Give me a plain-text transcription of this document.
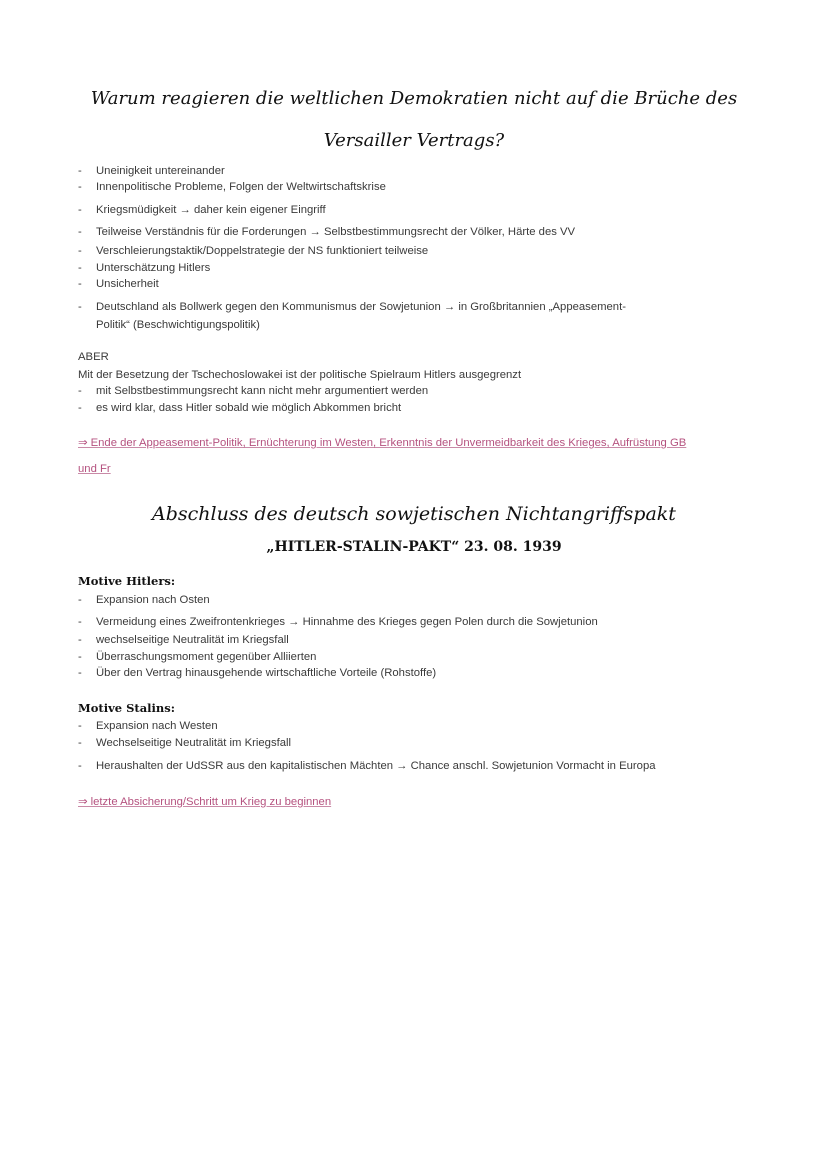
Warum reagieren die weltlichen Demokratien nicht auf die Brüche des
Versailler Vertrags?
- Uneinigkeit untereinander
- Innenpolitische Probleme, Folgen der Weltwirtschaftskrise
- Kriegsmüdigkeit → daher kein eigener Eingriff
- Teilweise Verständnis für die Forderungen → Selbstbestimmungsrecht der Völker, Härte des VV
- Verschleierungstaktik/Doppelstrategie der NS funktioniert teilweise
- Unterschätzung Hitlers
- Unsicherheit
- Deutschland als Bollwerk gegen den Kommunismus der Sowjetunion → in Großbritannien „Appeasement-
Politik“ (Beschwichtigungspolitik)
ABER
Mit der Besetzung der Tschechoslowakei ist der politische Spielraum Hitlers ausgegrenzt
- mit Selbstbestimmungsrecht kann nicht mehr argumentiert werden
- es wird klar, dass Hitler sobald wie möglich Abkommen bricht
⇒ Ende der Appeasement-Politik, Ernüchterung im Westen, Erkenntnis der Unvermeidbarkeit des Krieges, Aufrüstung GB
und Fr
Abschluss des deutsch sowjetischen Nichtangriffspakt
„HITLER-STALIN-PAKT“ 23. 08. 1939
Motive Hitlers:
- Expansion nach Osten
- Vermeidung eines Zweifrontenkrieges → Hinnahme des Krieges gegen Polen durch die Sowjetunion
- wechselseitige Neutralität im Kriegsfall
- Überraschungsmoment gegenüber Alliierten
- Über den Vertrag hinausgehende wirtschaftliche Vorteile (Rohstoffe)
Motive Stalins:
- Expansion nach Westen
- Wechselseitige Neutralität im Kriegsfall
- Heraushalten der UdSSR aus den kapitalistischen Mächten → Chance anschl. Sowjetunion Vormacht in Europa
⇒ letzte Absicherung/Schritt um Krieg zu beginnen
